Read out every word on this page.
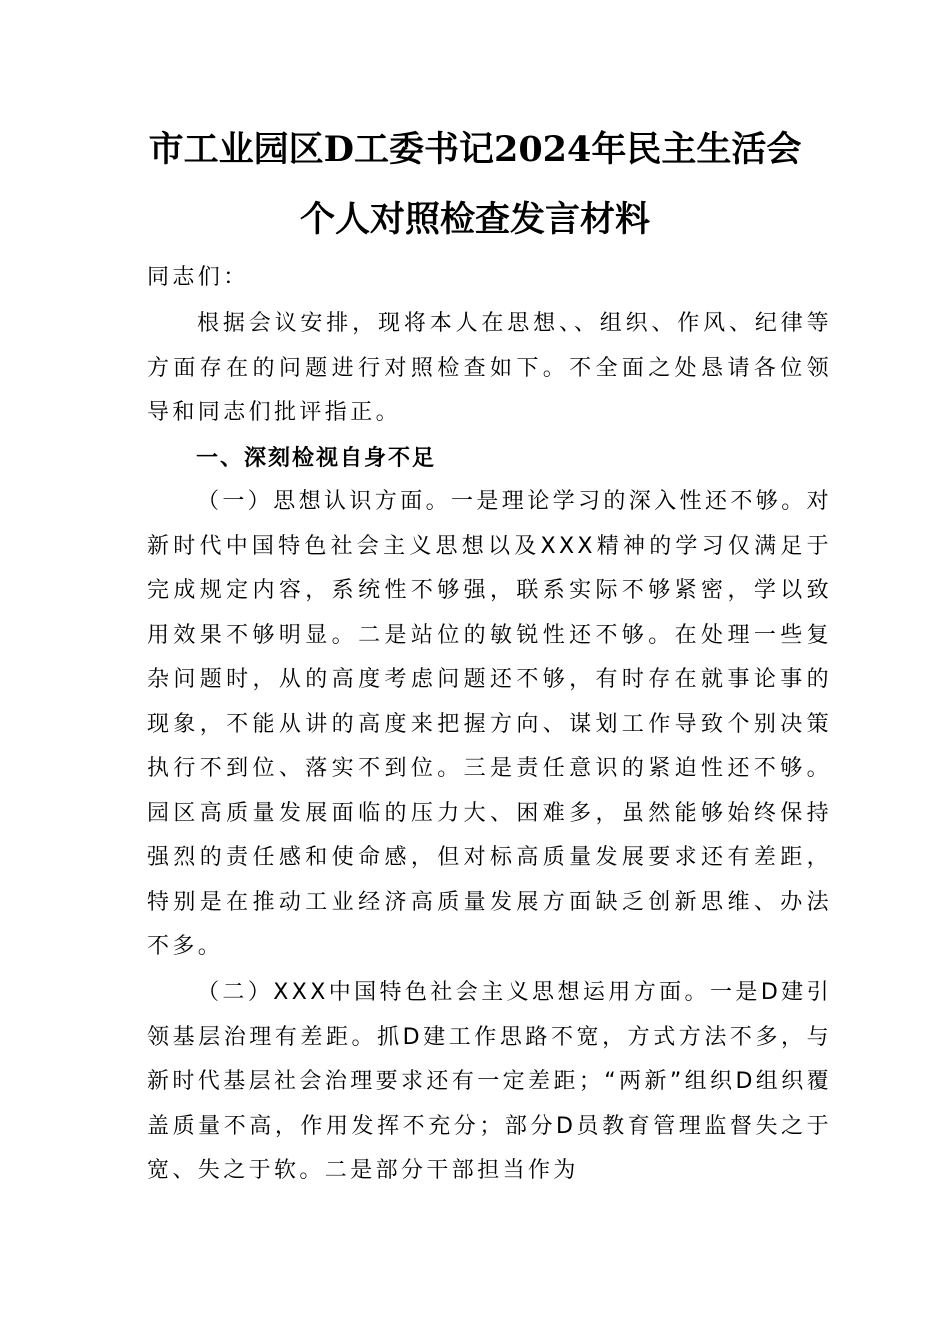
市工业园区D工委书记2024年民主生活会
个人对照检查发言材料
同志们：
根据会议安排，现将本人在思想、、组织、作风、纪律等方面存在的问题进行对照检查如下。不全面之处恳请各位领导和同志们批评指正。
一、深刻检视自身不足
（一）思想认识方面。一是理论学习的深入性还不够。对新时代中国特色社会主义思想以及XXX精神的学习仅满足于完成规定内容，系统性不够强，联系实际不够紧密，学以致用效果不够明显。二是站位的敏锐性还不够。在处理一些复杂问题时，从的高度考虑问题还不够，有时存在就事论事的现象，不能从讲的高度来把握方向、谋划工作导致个别决策执行不到位、落实不到位。三是责任意识的紧迫性还不够。园区高质量发展面临的压力大、困难多，虽然能够始终保持强烈的责任感和使命感，但对标高质量发展要求还有差距，特别是在推动工业经济高质量发展方面缺乏创新思维、办法不多。
（二）XXX中国特色社会主义思想运用方面。一是D建引领基层治理有差距。抓D建工作思路不宽，方式方法不多，与新时代基层社会治理要求还有一定差距；“两新”组织D组织覆盖质量不高，作用发挥不充分；部分D员教育管理监督失之于宽、失之于软。二是部分干部担当作为
